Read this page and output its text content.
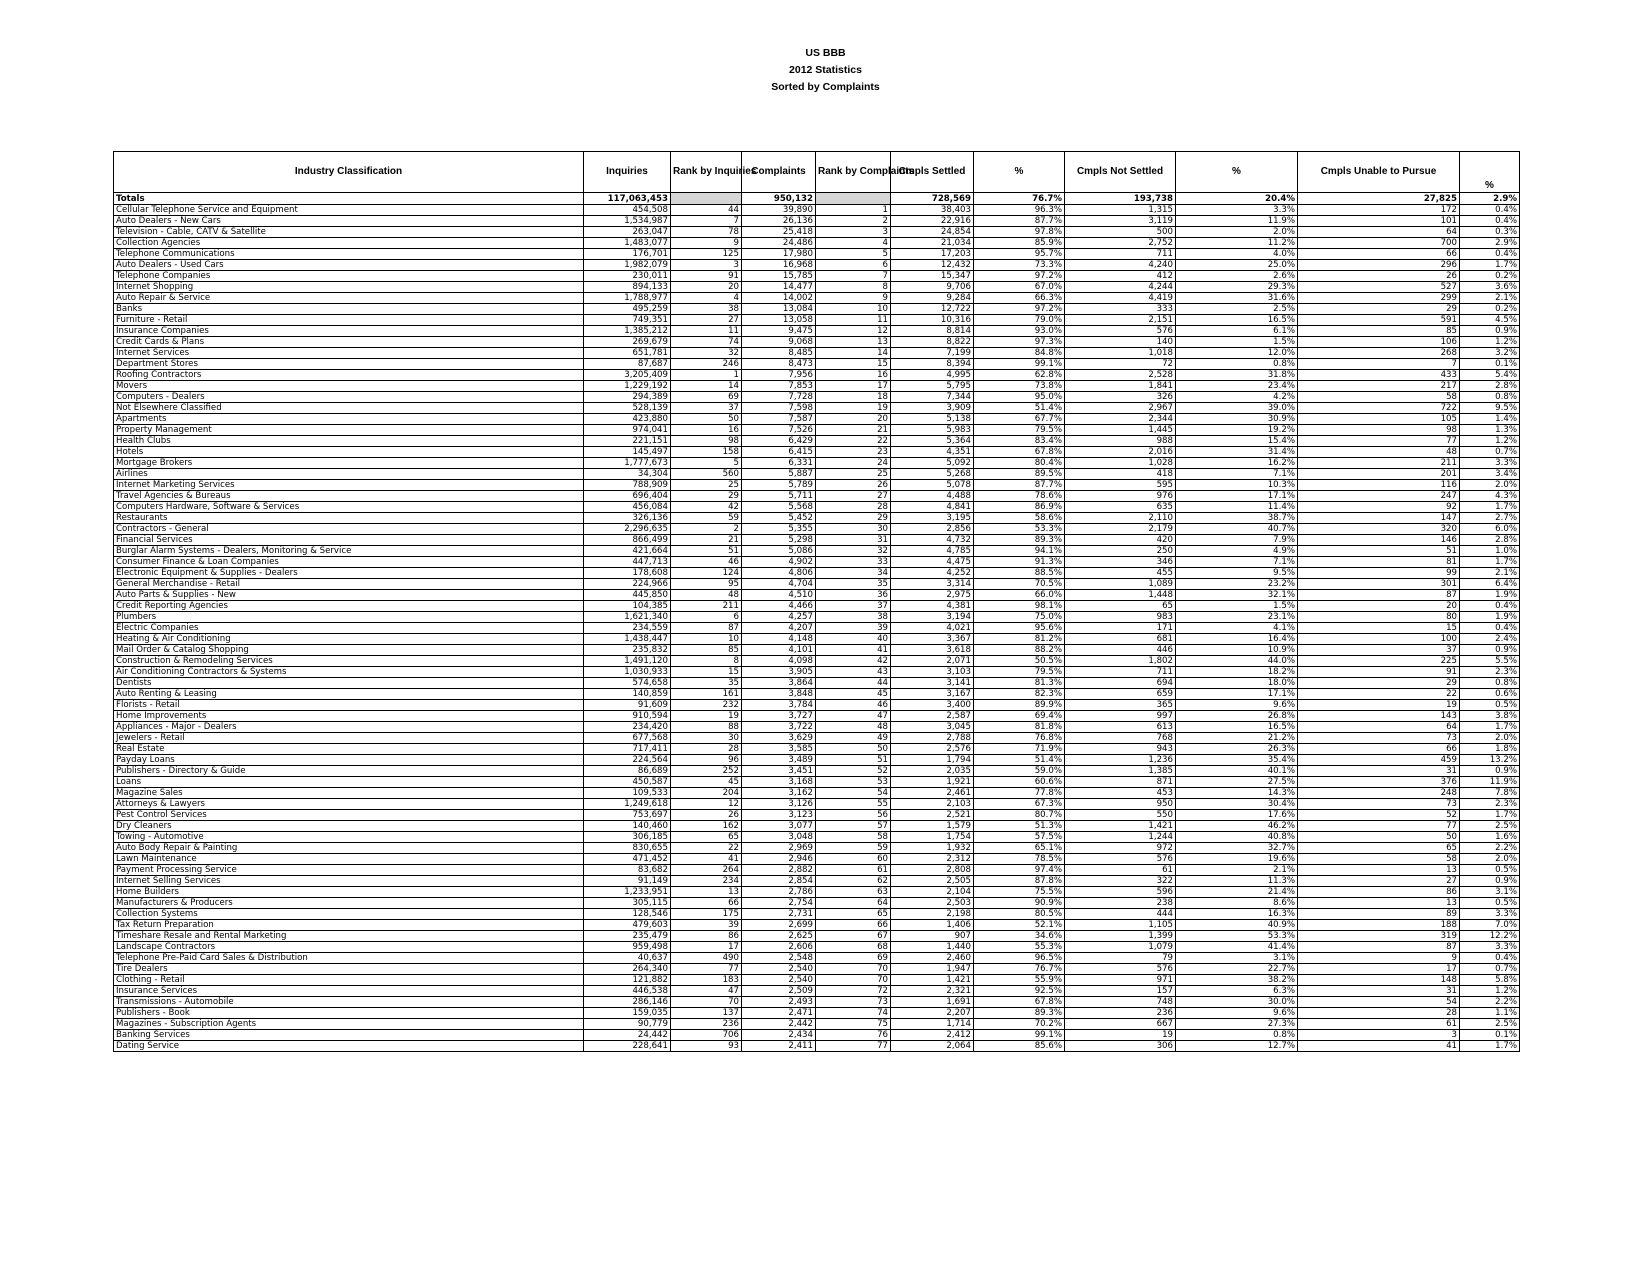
US BBB
2012 Statistics
Sorted by Complaints
Industry Classification	Inquiries	Rank by Inquiries	Complaints	Rank by Complaints	Cmpls Settled	%	Cmpls Not Settled	%	Cmpls Unable to Pursue	%
Totals	117,063,453		950,132		728,569	76.7%	193,738	20.4%	27,825	2.9%
Cellular Telephone Service and Equipment	454,508	44	39,890	1	38,403	96.3%	1,315	3.3%	172	0.4%
Auto Dealers - New Cars	1,534,987	7	26,136	2	22,916	87.7%	3,119	11.9%	101	0.4%
Television - Cable, CATV & Satellite	263,047	78	25,418	3	24,854	97.8%	500	2.0%	64	0.3%
Collection Agencies	1,483,077	9	24,486	4	21,034	85.9%	2,752	11.2%	700	2.9%
Telephone Communications	176,701	125	17,980	5	17,203	95.7%	711	4.0%	66	0.4%
Auto Dealers - Used Cars	1,982,079	3	16,968	6	12,432	73.3%	4,240	25.0%	296	1.7%
Telephone Companies	230,011	91	15,785	7	15,347	97.2%	412	2.6%	26	0.2%
Internet Shopping	894,133	20	14,477	8	9,706	67.0%	4,244	29.3%	527	3.6%
Auto Repair & Service	1,788,977	4	14,002	9	9,284	66.3%	4,419	31.6%	299	2.1%
Banks	495,259	38	13,084	10	12,722	97.2%	333	2.5%	29	0.2%
Furniture - Retail	749,351	27	13,058	11	10,316	79.0%	2,151	16.5%	591	4.5%
Insurance Companies	1,385,212	11	9,475	12	8,814	93.0%	576	6.1%	85	0.9%
Credit Cards & Plans	269,679	74	9,068	13	8,822	97.3%	140	1.5%	106	1.2%
Internet Services	651,781	32	8,485	14	7,199	84.8%	1,018	12.0%	268	3.2%
Department Stores	87,687	246	8,473	15	8,394	99.1%	72	0.8%	7	0.1%
Roofing Contractors	3,205,409	1	7,956	16	4,995	62.8%	2,528	31.8%	433	5.4%
Movers	1,229,192	14	7,853	17	5,795	73.8%	1,841	23.4%	217	2.8%
Computers - Dealers	294,389	69	7,728	18	7,344	95.0%	326	4.2%	58	0.8%
Not Elsewhere Classified	528,139	37	7,598	19	3,909	51.4%	2,967	39.0%	722	9.5%
Apartments	423,880	50	7,587	20	5,138	67.7%	2,344	30.9%	105	1.4%
Property Management	974,041	16	7,526	21	5,983	79.5%	1,445	19.2%	98	1.3%
Health Clubs	221,151	98	6,429	22	5,364	83.4%	988	15.4%	77	1.2%
Hotels	145,497	158	6,415	23	4,351	67.8%	2,016	31.4%	48	0.7%
Mortgage Brokers	1,777,673	5	6,331	24	5,092	80.4%	1,028	16.2%	211	3.3%
Airlines	34,304	560	5,887	25	5,268	89.5%	418	7.1%	201	3.4%
Internet Marketing Services	788,909	25	5,789	26	5,078	87.7%	595	10.3%	116	2.0%
Travel Agencies & Bureaus	696,404	29	5,711	27	4,488	78.6%	976	17.1%	247	4.3%
Computers Hardware, Software & Services	456,084	42	5,568	28	4,841	86.9%	635	11.4%	92	1.7%
Restaurants	326,136	59	5,452	29	3,195	58.6%	2,110	38.7%	147	2.7%
Contractors - General	2,296,635	2	5,355	30	2,856	53.3%	2,179	40.7%	320	6.0%
Financial Services	866,499	21	5,298	31	4,732	89.3%	420	7.9%	146	2.8%
Burglar Alarm Systems - Dealers, Monitoring & Service	421,664	51	5,086	32	4,785	94.1%	250	4.9%	51	1.0%
Consumer Finance & Loan Companies	447,713	46	4,902	33	4,475	91.3%	346	7.1%	81	1.7%
Electronic Equipment & Supplies - Dealers	178,608	124	4,806	34	4,252	88.5%	455	9.5%	99	2.1%
General Merchandise - Retail	224,966	95	4,704	35	3,314	70.5%	1,089	23.2%	301	6.4%
Auto Parts & Supplies - New	445,850	48	4,510	36	2,975	66.0%	1,448	32.1%	87	1.9%
Credit Reporting Agencies	104,385	211	4,466	37	4,381	98.1%	65	1.5%	20	0.4%
Plumbers	1,621,340	6	4,257	38	3,194	75.0%	983	23.1%	80	1.9%
Electric Companies	234,559	87	4,207	39	4,021	95.6%	171	4.1%	15	0.4%
Heating & Air Conditioning	1,438,447	10	4,148	40	3,367	81.2%	681	16.4%	100	2.4%
Mail Order & Catalog Shopping	235,832	85	4,101	41	3,618	88.2%	446	10.9%	37	0.9%
Construction & Remodeling Services	1,491,120	8	4,098	42	2,071	50.5%	1,802	44.0%	225	5.5%
Air Conditioning Contractors & Systems	1,030,933	15	3,905	43	3,103	79.5%	711	18.2%	91	2.3%
Dentists	574,658	35	3,864	44	3,141	81.3%	694	18.0%	29	0.8%
Auto Renting & Leasing	140,859	161	3,848	45	3,167	82.3%	659	17.1%	22	0.6%
Florists - Retail	91,609	232	3,784	46	3,400	89.9%	365	9.6%	19	0.5%
Home Improvements	910,594	19	3,727	47	2,587	69.4%	997	26.8%	143	3.8%
Appliances - Major - Dealers	234,420	88	3,722	48	3,045	81.8%	613	16.5%	64	1.7%
Jewelers - Retail	677,568	30	3,629	49	2,788	76.8%	768	21.2%	73	2.0%
Real Estate	717,411	28	3,585	50	2,576	71.9%	943	26.3%	66	1.8%
Payday Loans	224,564	96	3,489	51	1,794	51.4%	1,236	35.4%	459	13.2%
Publishers - Directory & Guide	86,689	252	3,451	52	2,035	59.0%	1,385	40.1%	31	0.9%
Loans	450,587	45	3,168	53	1,921	60.6%	871	27.5%	376	11.9%
Magazine Sales	109,533	204	3,162	54	2,461	77.8%	453	14.3%	248	7.8%
Attorneys & Lawyers	1,249,618	12	3,126	55	2,103	67.3%	950	30.4%	73	2.3%
Pest Control Services	753,697	26	3,123	56	2,521	80.7%	550	17.6%	52	1.7%
Dry Cleaners	140,460	162	3,077	57	1,579	51.3%	1,421	46.2%	77	2.5%
Towing - Automotive	306,185	65	3,048	58	1,754	57.5%	1,244	40.8%	50	1.6%
Auto Body Repair & Painting	830,655	22	2,969	59	1,932	65.1%	972	32.7%	65	2.2%
Lawn Maintenance	471,452	41	2,946	60	2,312	78.5%	576	19.6%	58	2.0%
Payment Processing Service	83,682	264	2,882	61	2,808	97.4%	61	2.1%	13	0.5%
Internet Selling Services	91,149	234	2,854	62	2,505	87.8%	322	11.3%	27	0.9%
Home Builders	1,233,951	13	2,786	63	2,104	75.5%	596	21.4%	86	3.1%
Manufacturers & Producers	305,115	66	2,754	64	2,503	90.9%	238	8.6%	13	0.5%
Collection Systems	128,546	175	2,731	65	2,198	80.5%	444	16.3%	89	3.3%
Tax Return Preparation	479,603	39	2,699	66	1,406	52.1%	1,105	40.9%	188	7.0%
Timeshare Resale and Rental Marketing	235,479	86	2,625	67	907	34.6%	1,399	53.3%	319	12.2%
Landscape Contractors	959,498	17	2,606	68	1,440	55.3%	1,079	41.4%	87	3.3%
Telephone Pre-Paid Card Sales & Distribution	40,637	490	2,548	69	2,460	96.5%	79	3.1%	9	0.4%
Tire Dealers	264,340	77	2,540	70	1,947	76.7%	576	22.7%	17	0.7%
Clothing - Retail	121,882	183	2,540	70	1,421	55.9%	971	38.2%	148	5.8%
Insurance Services	446,538	47	2,509	72	2,321	92.5%	157	6.3%	31	1.2%
Transmissions - Automobile	286,146	70	2,493	73	1,691	67.8%	748	30.0%	54	2.2%
Publishers - Book	159,035	137	2,471	74	2,207	89.3%	236	9.6%	28	1.1%
Magazines - Subscription Agents	90,779	236	2,442	75	1,714	70.2%	667	27.3%	61	2.5%
Banking Services	24,442	706	2,434	76	2,412	99.1%	19	0.8%	3	0.1%
Dating Service	228,641	93	2,411	77	2,064	85.6%	306	12.7%	41	1.7%
